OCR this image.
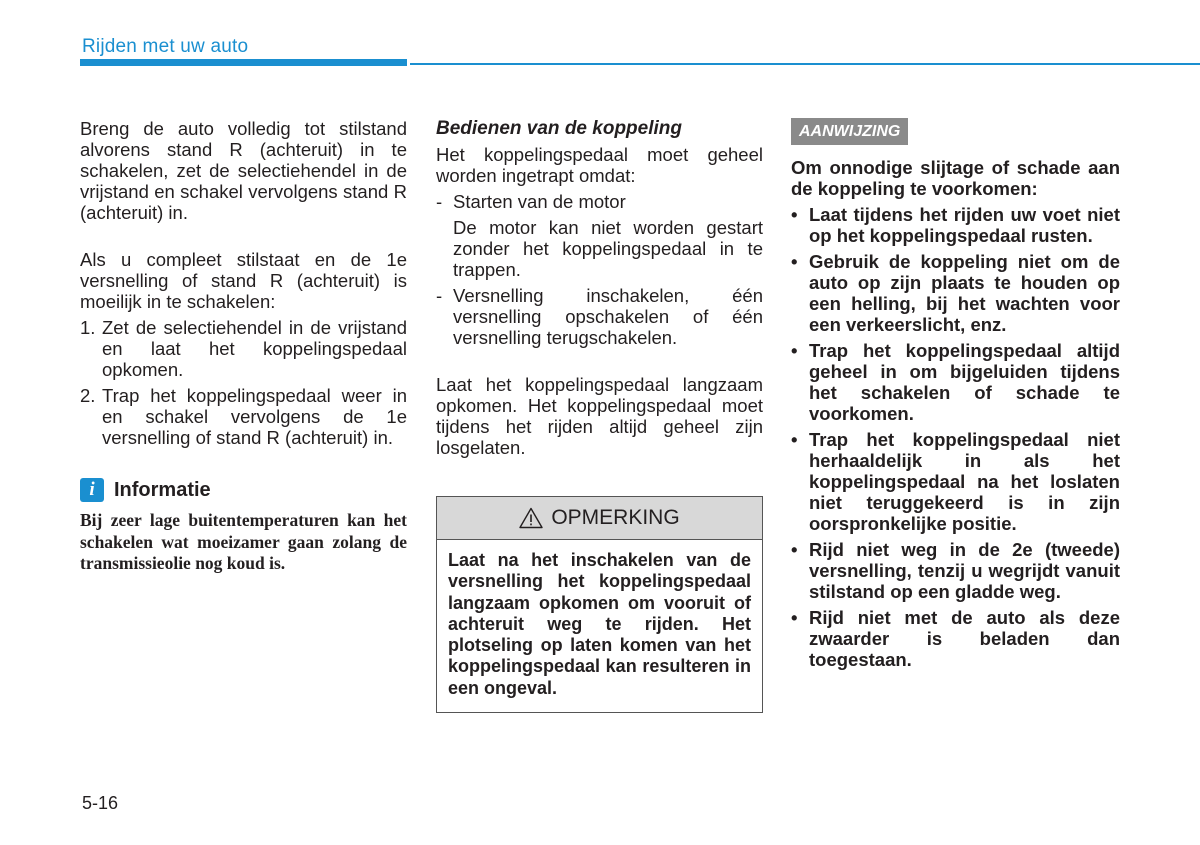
Rijden met uw auto

Breng de auto volledig tot stilstand alvorens stand R (achteruit) in te schakelen, zet de selectiehendel in de vrijstand en schakel vervolgens stand R (achteruit) in.

Als u compleet stilstaat en de 1e versnelling of stand R (achteruit) is moeilijk in te schakelen:

1. Zet de selectiehendel in de vrijstand en laat het koppelingspedaal opkomen.
2. Trap het koppelingspedaal weer in en schakel vervolgens de 1e versnelling of stand R (achteruit) in.
i Informatie

Bij zeer lage buitentemperaturen kan het schakelen wat moeizamer gaan zolang de transmissieolie nog koud is.

Bedienen van de koppeling

Het koppelingspedaal moet geheel worden ingetrapt omdat:

- Starten van de motor

De motor kan niet worden gestart zonder het koppelingspedaal in te trappen.

- Versnelling inschakelen, één versnelling opschakelen of één versnelling terugschakelen.

Laat het koppelingspedaal langzaam opkomen. Het koppelingspedaal moet tijdens het rijden altijd geheel zijn losgelaten.

OPMERKING

Laat na het inschakelen van de versnelling het koppelingspedaal langzaam opkomen om vooruit of achteruit weg te rijden. Het plotseling op laten komen van het koppelingspedaal kan resulteren in een ongeval.

AANWIJZING

Om onnodige slijtage of schade aan de koppeling te voorkomen:

• Laat tijdens het rijden uw voet niet op het koppelingspedaal rusten.
• Gebruik de koppeling niet om de auto op zijn plaats te houden op een helling, bij het wachten voor een verkeerslicht, enz.
• Trap het koppelingspedaal altijd geheel in om bijgeluiden tijdens het schakelen of schade te voorkomen.
• Trap het koppelingspedaal niet herhaaldelijk in als het koppelingspedaal na het loslaten niet teruggekeerd is in zijn oorspronkelijke positie.
• Rijd niet weg in de 2e (tweede) versnelling, tenzij u wegrijdt vanuit stilstand op een gladde weg.
• Rijd niet met de auto als deze zwaarder is beladen dan toegestaan.
5-16
